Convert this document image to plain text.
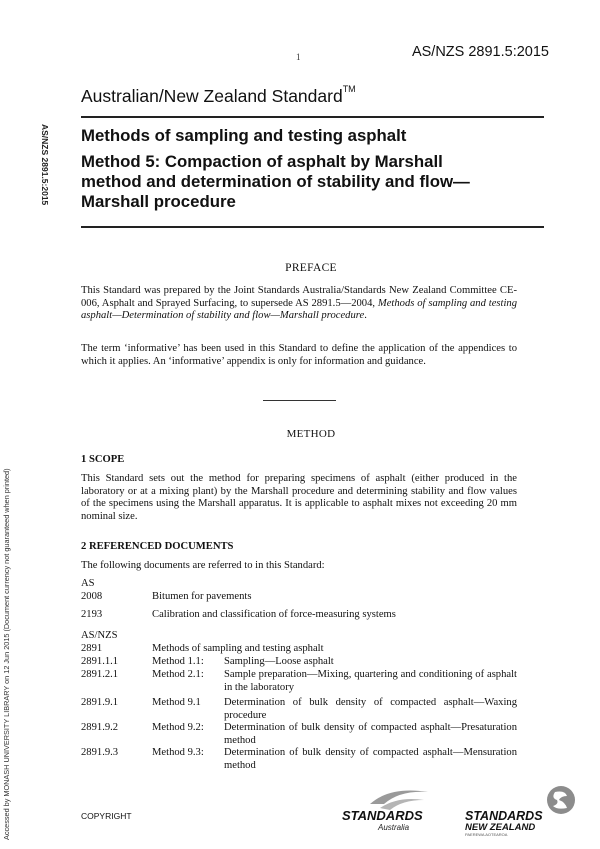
1	AS/NZS 2891.5:2015
Australian/New Zealand Standard™
AS/NZS 2891.5:2015
Accessed by MONASH UNIVERSITY LIBRARY on 12 Jun 2015 (Document currency not guaranteed when printed)

Methods of sampling and testing asphalt

Method 5: Compaction of asphalt by Marshall

method and determination of stability and flow—

Marshall procedure

PREFACE
This Standard was prepared by the Joint Standards Australia/Standards New Zealand Committee CE-006, Asphalt and Sprayed Surfacing, to supersede AS 2891.5—2004, Methods of sampling and testing asphalt—Determination of stability and flow—Marshall procedure.
The term ‘informative’ has been used in this Standard to define the application of the appendices to which it applies. An ‘informative’ appendix is only for information and guidance.
METHOD
1 SCOPE
This Standard sets out the method for preparing specimens of asphalt (either produced in the laboratory or at a mixing plant) by the Marshall procedure and determining stability and flow values of the specimens using the Marshall apparatus. It is applicable to asphalt mixes not exceeding 20 mm nominal size.
2 REFERENCED DOCUMENTS
The following documents are referred to in this Standard:
AS
2008	Bitumen for pavements
2193	Calibration and classification of force-measuring systems
AS/NZS
2891	Methods of sampling and testing asphalt
2891.1.1	Method 1.1:	Sampling—Loose asphalt
2891.2.1	Method 2.1:	Sample preparation—Mixing, quartering and conditioning of asphalt in the laboratory
2891.9.1	Method 9.1	Determination of bulk density of compacted asphalt—Waxing procedure
2891.9.2	Method 9.2:	Determination of bulk density of compacted asphalt—Presaturation method
2891.9.3	Method 9.3:	Determination of bulk density of compacted asphalt—Mensuration method
COPYRIGHT	STANDARDS
Australia
STANDARDS
NEW ZEALAND
PAEREWA AOTEAROA
